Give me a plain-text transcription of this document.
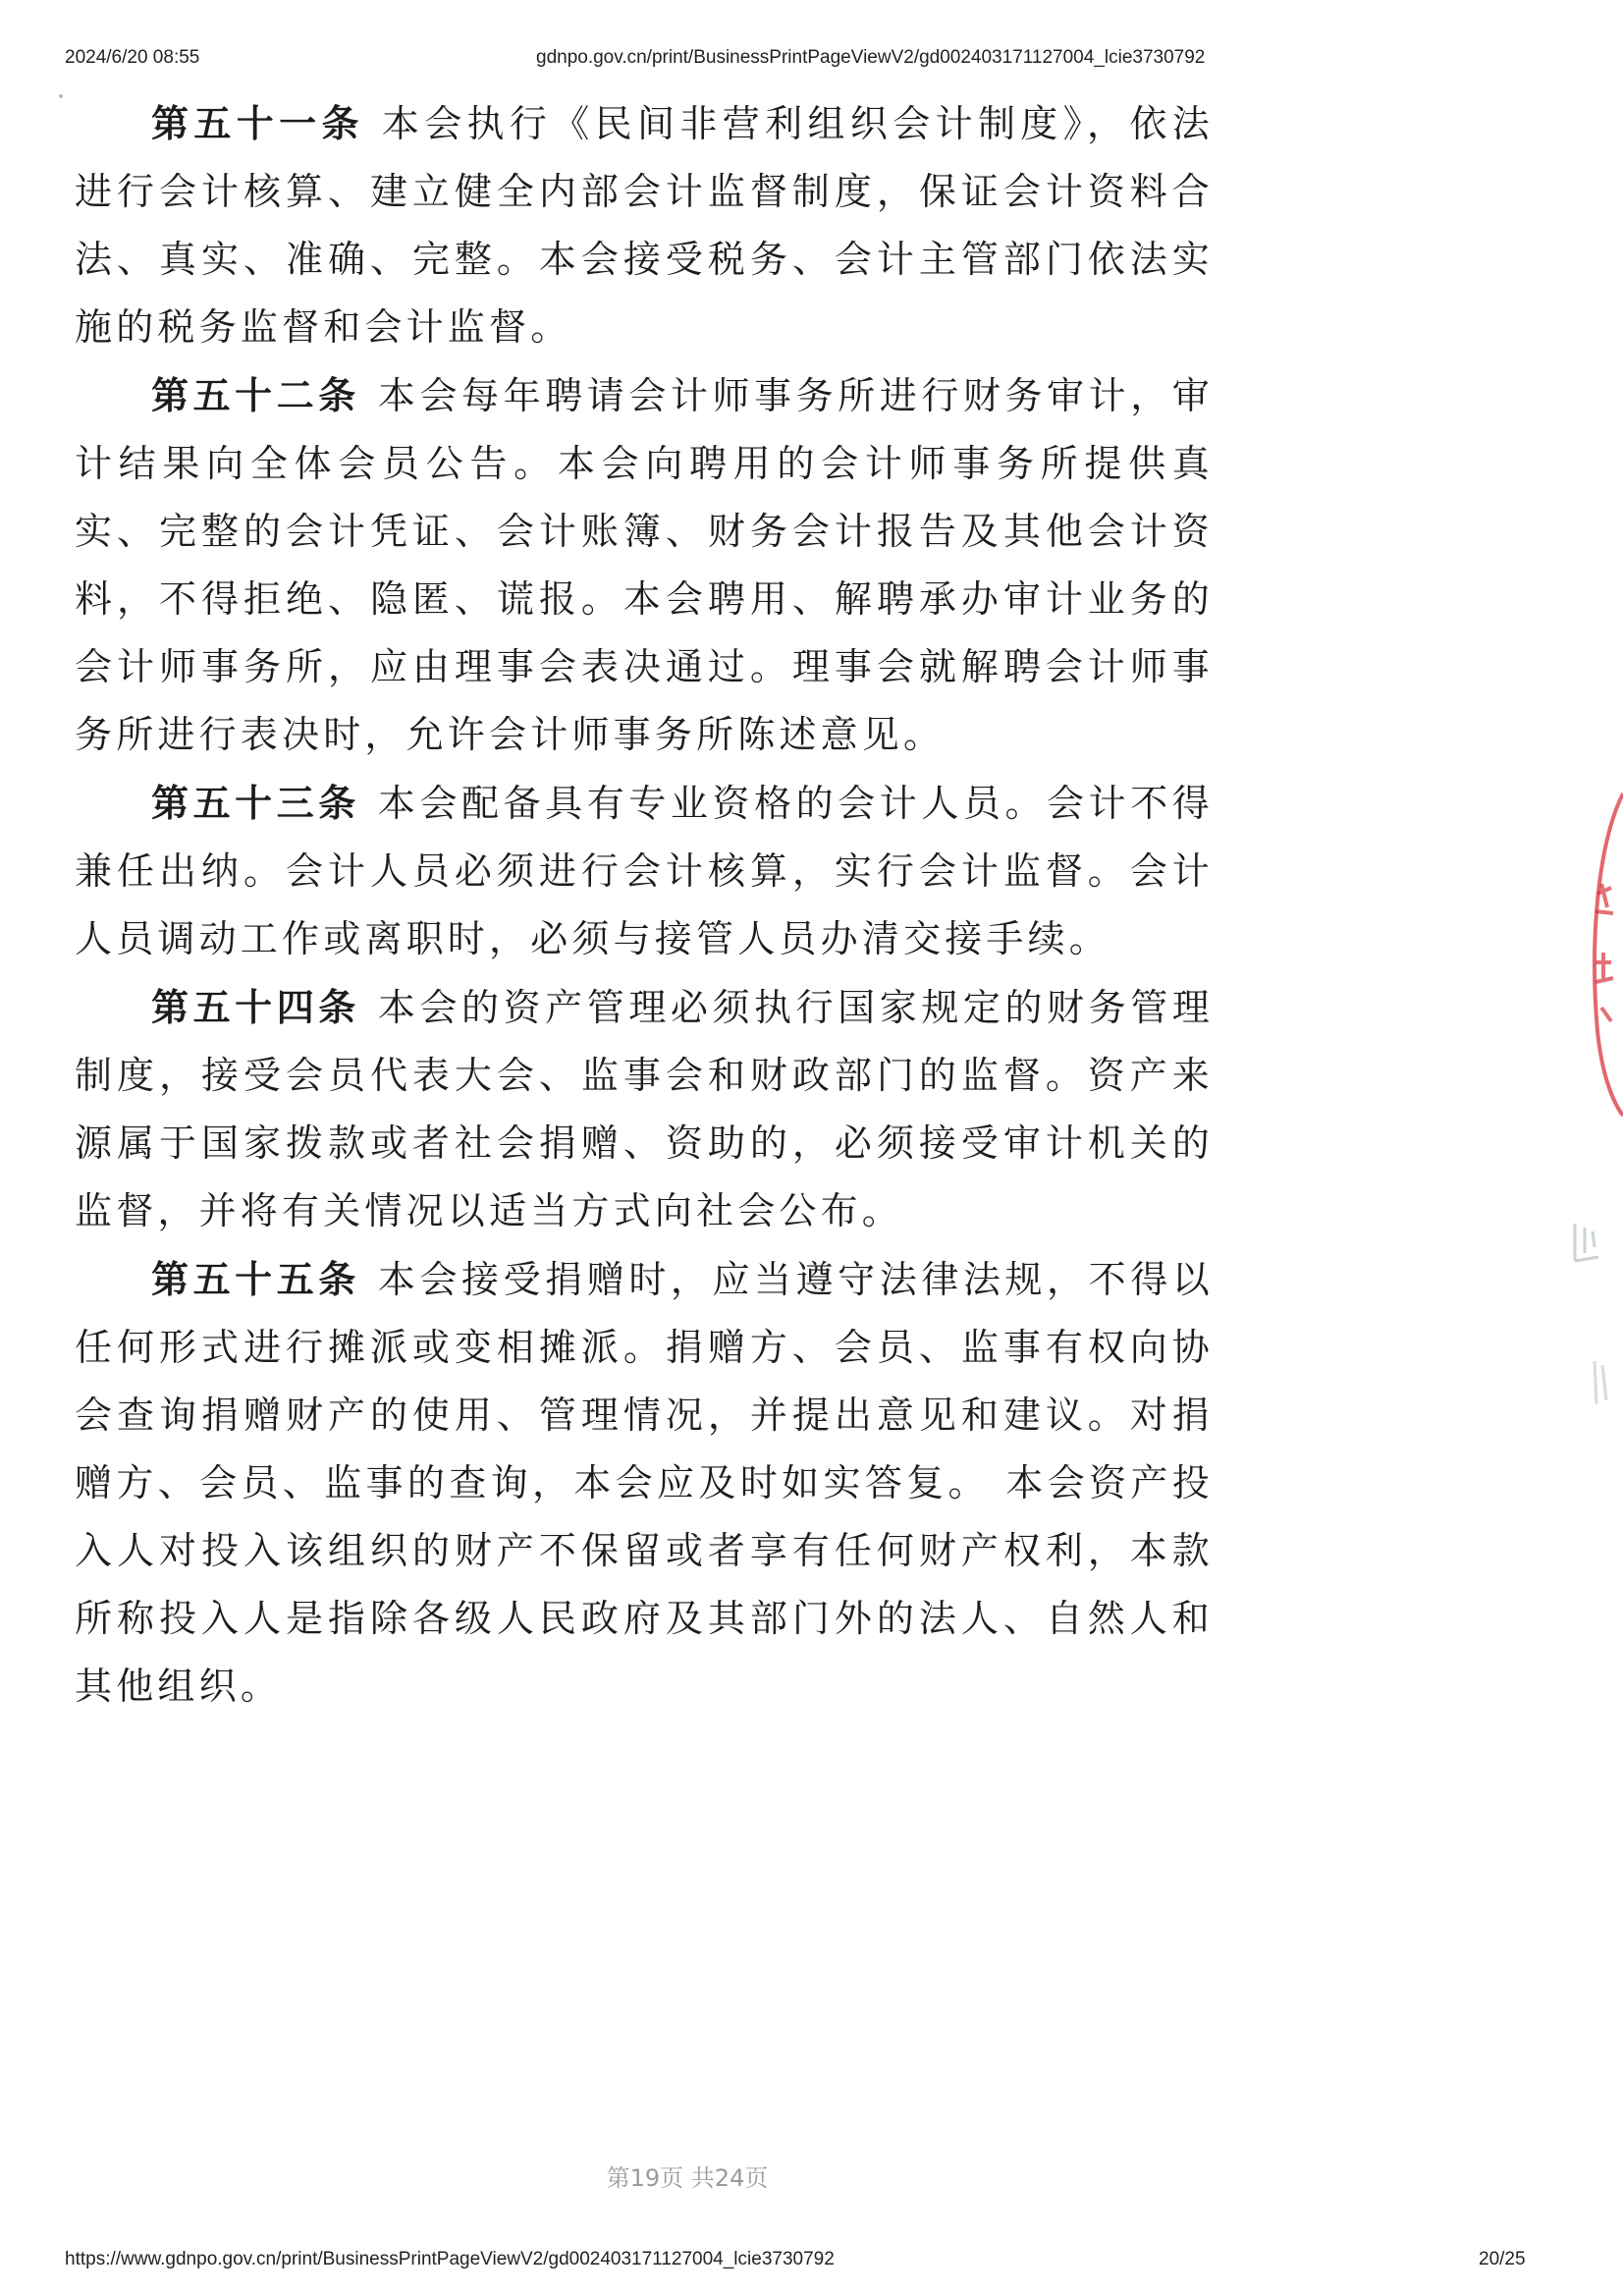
2024/6/20 08:55	gdnpo.gov.cn/print/BusinessPrintPageViewV2/gd002403171127004_lcie3730792

第五十一条 本会执行《民间非营利组织会计制度》，依法进行会计核算、建立健全内部会计监督制度，保证会计资料合法、真实、准确、完整。本会接受税务、会计主管部门依法实施的税务监督和会计监督。

第五十二条 本会每年聘请会计师事务所进行财务审计，审计结果向全体会员公告。本会向聘用的会计师事务所提供真实、完整的会计凭证、会计账簿、财务会计报告及其他会计资料，不得拒绝、隐匿、谎报。本会聘用、解聘承办审计业务的会计师事务所，应由理事会表决通过。理事会就解聘会计师事务所进行表决时，允许会计师事务所陈述意见。

第五十三条 本会配备具有专业资格的会计人员。会计不得兼任出纳。会计人员必须进行会计核算，实行会计监督。会计人员调动工作或离职时，必须与接管人员办清交接手续。

第五十四条 本会的资产管理必须执行国家规定的财务管理制度，接受会员代表大会、监事会和财政部门的监督。资产来源属于国家拨款或者社会捐赠、资助的，必须接受审计机关的监督，并将有关情况以适当方式向社会公布。

第五十五条 本会接受捐赠时，应当遵守法律法规，不得以任何形式进行摊派或变相摊派。捐赠方、会员、监事有权向协会查询捐赠财产的使用、管理情况，并提出意见和建议。对捐赠方、会员、监事的查询，本会应及时如实答复。 本会资产投入人对投入该组织的财产不保留或者享有任何财产权利，本款所称投入人是指除各级人民政府及其部门外的法人、自然人和其他组织。

第19页 共24页
https://www.gdnpo.gov.cn/print/BusinessPrintPageViewV2/gd002403171127004_lcie3730792	20/25
